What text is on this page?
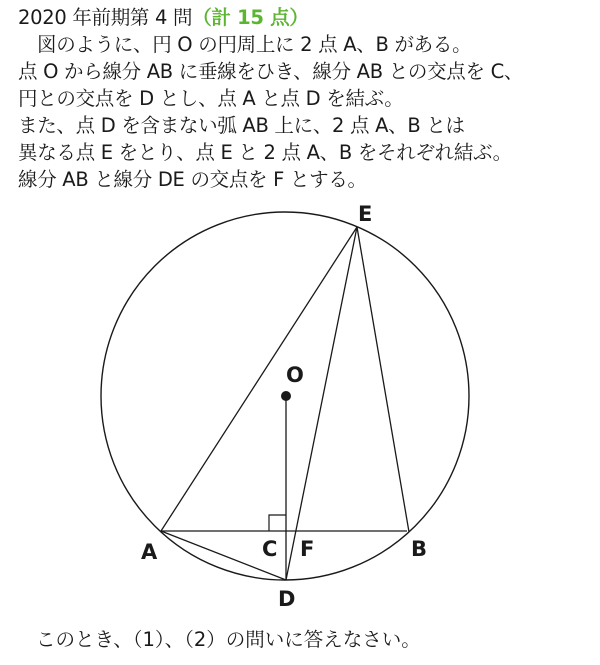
2020 年前期第 4 問（計 15 点）
図のように、円 O の円周上に 2 点 A、B がある。
点 O から線分 AB に垂線をひき、線分 AB との交点を C、
円との交点を D とし、点 A と点 D を結ぶ。
また、点 D を含まない弧 AB 上に、2 点 A、B とは
異なる点 E をとり、点 E と 2 点 A、B をそれぞれ結ぶ。
線分 AB と線分 DE の交点を F とする。
E
O
A	C F	B
D
このとき、（1）、（2）の問いに答えなさい。
